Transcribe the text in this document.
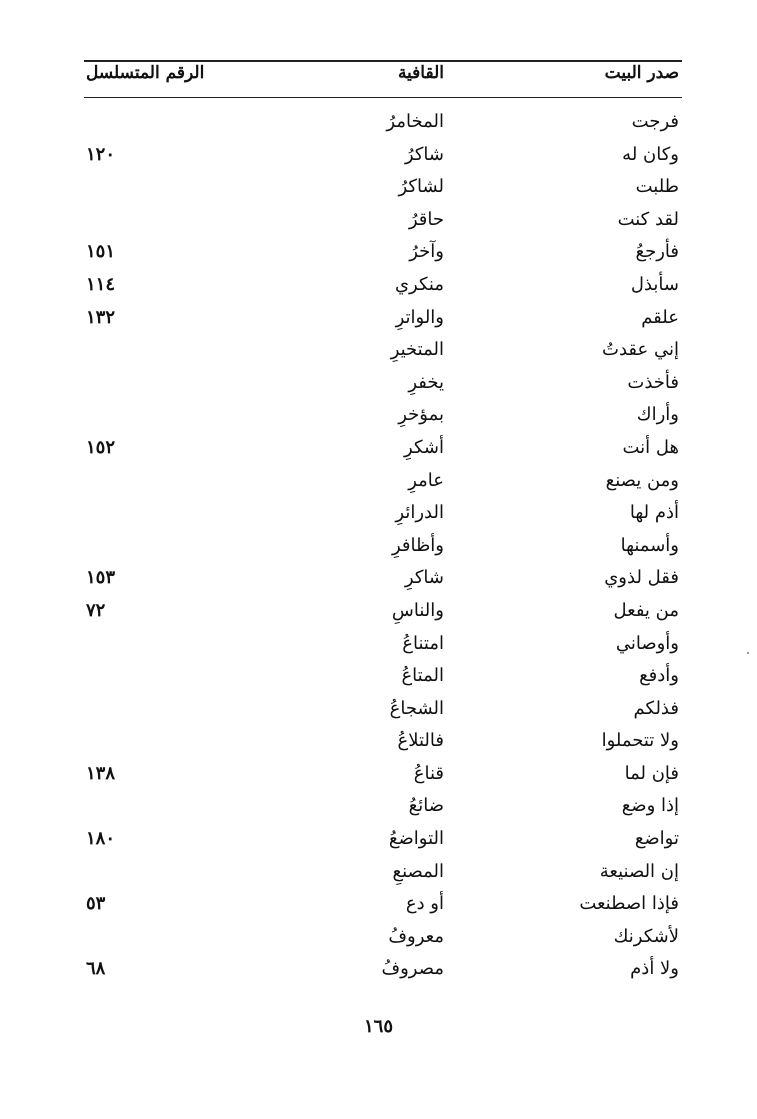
صدر البيت
القافية
الرقم المتسلسل
فرجت
المخامرُ
وكان له
شاكرُ
١٢٠
طلبت
لشاكرُ
لقد كنت
حاقرُ
فأرجعُ
وآخرُ
١٥١
سأبذل
منكري
١١٤
علقم
والواترِ
١٣٢
إني عقدتُ
المتخيرِ
فأخذت
يخفرِ
وأراك
بمؤخرِ
هل أنت
أشكرِ
١٥٢
ومن يصنع
عامرِ
أذم لها
الدرائرِ
وأسمنها
وأظافرِ
فقل لذوي
شاكرِ
١٥٣
من يفعل
والناسِ
٧٢
وأوصاني
امتناعُ
وأدفع
المتاعُ
فذلكم
الشجاعُ
ولا تتحملوا
فالتلاعُ
فإن لما
قناعُ
١٣٨
إذا وضع
ضائعُ
تواضع
التواضعُ
١٨٠
إن الصنيعة
المصنعِ
فإذا اصطنعت
أو دع
٥٣
لأشكرنك
معروفُ
ولا أذم
مصروفُ
٦٨
١٦٥
